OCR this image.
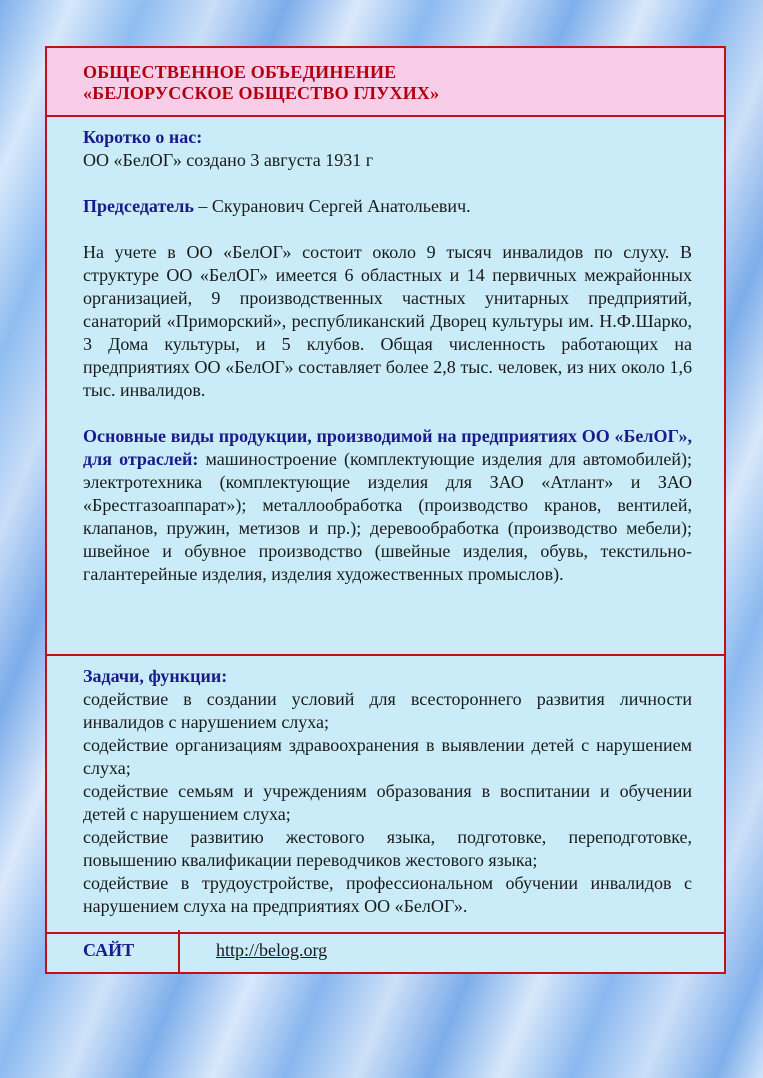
ОБЩЕСТВЕННОЕ ОБЪЕДИНЕНИЕ
«БЕЛОРУССКОЕ ОБЩЕСТВО ГЛУХИХ»

Коротко о нас:

ОО «БелОГ» создано 3 августа 1931 г

Председатель – Скуранович Сергей Анатольевич.

На учете в ОО «БелОГ» состоит около 9 тысяч инвалидов по слуху. В структуре ОО «БелОГ» имеется 6 областных и 14 первичных межрайонных организацией, 9 производственных частных унитарных предприятий, санаторий «Приморский», республиканский Дворец культуры им. Н.Ф.Шарко, 3 Дома культуры, и 5 клубов. Общая численность работающих на предприятиях ОО «БелОГ» составляет более 2,8 тыс. человек, из них около 1,6 тыс. инвалидов.

Основные виды продукции, производимой на предприятиях ОО «БелОГ», для отраслей: машиностроение (комплектующие изделия для автомобилей); электротехника (комплектующие изделия для ЗАО «Атлант» и ЗАО «Брестгазоаппарат»); металлообработка (производство кранов, вентилей, клапанов, пружин, метизов и пр.); деревообработка (производство мебели); швейное и обувное производство (швейные изделия, обувь, текстильно-галантерейные изделия, изделия художественных промыслов).

Задачи, функции:

содействие в создании условий для всестороннего развития личности инвалидов с нарушением слуха;

содействие организациям здравоохранения в выявлении детей с нарушением слуха;

содействие семьям и учреждениям образования в воспитании и обучении детей с нарушением слуха;

содействие развитию жестового языка, подготовке, переподготовке, повышению квалификации переводчиков жестового языка;

содействие в трудоустройстве, профессиональном обучении инвалидов с нарушением слуха на предприятиях ОО «БелОГ».

САЙТ	http://belog.org
